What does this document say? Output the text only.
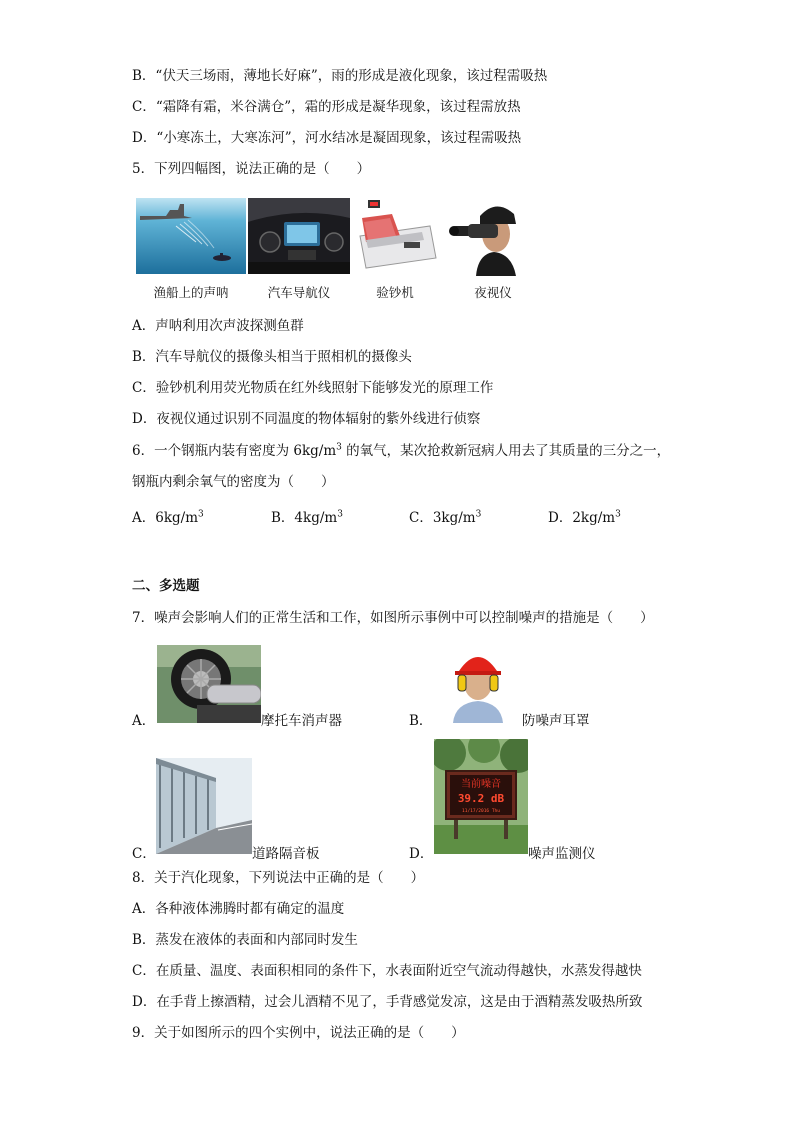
B．“伏天三场雨，薄地长好麻”，雨的形成是液化现象，该过程需吸热
C．“霜降有霜，米谷满仓”，霜的形成是凝华现象，该过程需放热
D．“小寒冻土，大寒冻河”，河水结冰是凝固现象，该过程需吸热
5．下列四幅图，说法正确的是（　　）
渔船上的声呐	汽车导航仪	验钞机	夜视仪
A．声呐利用次声波探测鱼群
B．汽车导航仪的摄像头相当于照相机的摄像头
C．验钞机利用荧光物质在红外线照射下能够发光的原理工作
D．夜视仪通过识别不同温度的物体辐射的紫外线进行侦察
6．一个钢瓶内装有密度为 $6kg/m^3$ 的氧气，某次抢救新冠病人用去了其质量的三分之一，
钢瓶内剩余氧气的密度为（　　）
A．$6kg/m^3$	B．$4kg/m^3$	C．$3kg/m^3$	D．$2kg/m^3$
二、多选题
7．噪声会影响人们的正常生活和工作，如图所示事例中可以控制噪声的措施是（　　）
A．	摩托车消声器	B．	防噪声耳罩
C．	道路隔音板	D．
当前噪音
39.2 dB
11/17/2016 Thu
噪声监测仪
8．关于汽化现象，下列说法中正确的是（　　）
A．各种液体沸腾时都有确定的温度
B．蒸发在液体的表面和内部同时发生
C．在质量、温度、表面积相同的条件下，水表面附近空气流动得越快，水蒸发得越快
D．在手背上擦酒精，过会儿酒精不见了，手背感觉发凉，这是由于酒精蒸发吸热所致
9．关于如图所示的四个实例中，说法正确的是（　　）
